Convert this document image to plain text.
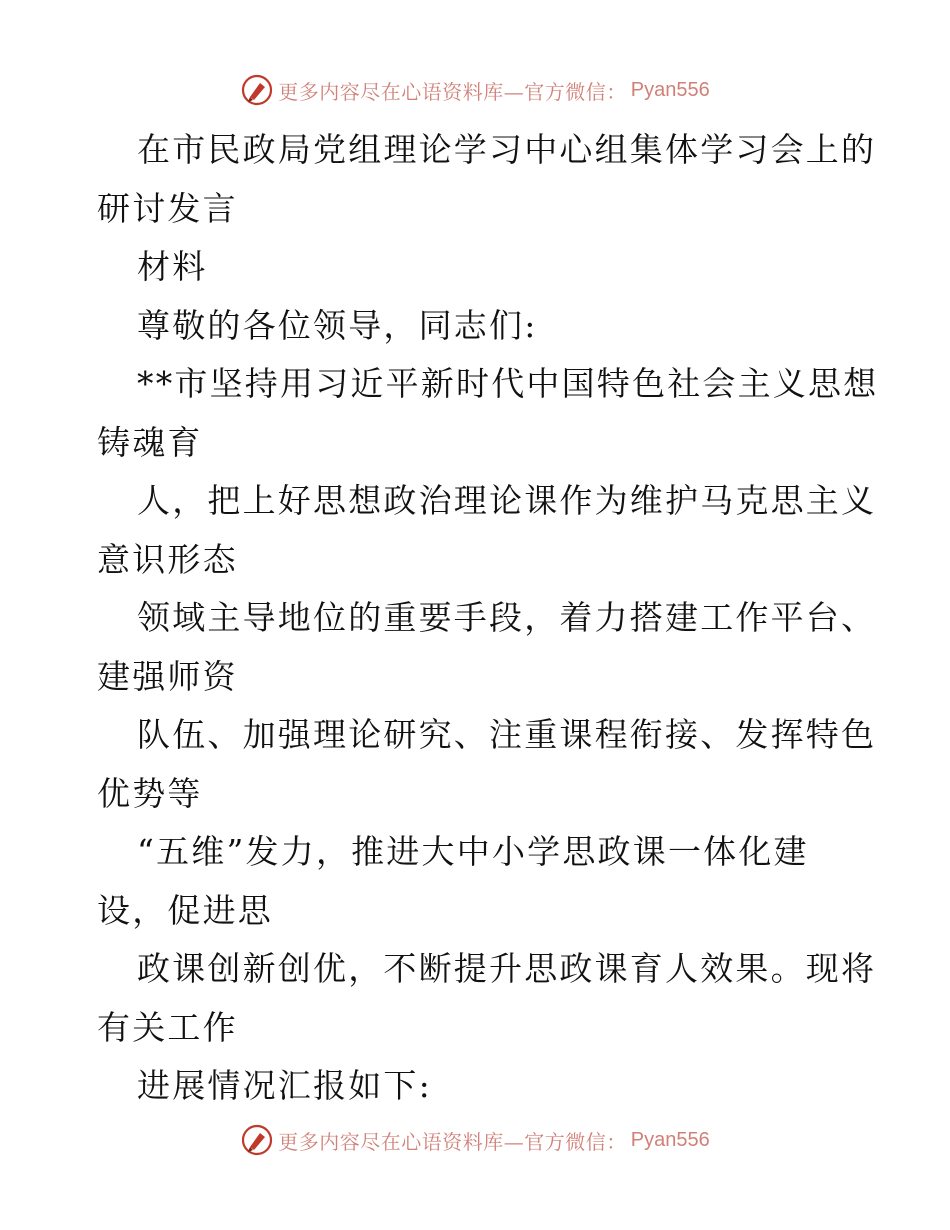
更多内容尽在心语资料库—官方微信： Pyan556
在市民政局党组理论学习中心组集体学习会上的
研讨发言
材料
尊敬的各位领导，同志们:
**市坚持用习近平新时代中国特色社会主义思想
铸魂育
人，把上好思想政治理论课作为维护马克思主义
意识形态
领域主导地位的重要手段，着力搭建工作平台、
建强师资
队伍、加强理论研究、注重课程衔接、发挥特色
优势等
“五维”发力，推进大中小学思政课一体化建
设，促进思
政课创新创优，不断提升思政课育人效果。现将
有关工作
进展情况汇报如下:
更多内容尽在心语资料库—官方微信： Pyan556
